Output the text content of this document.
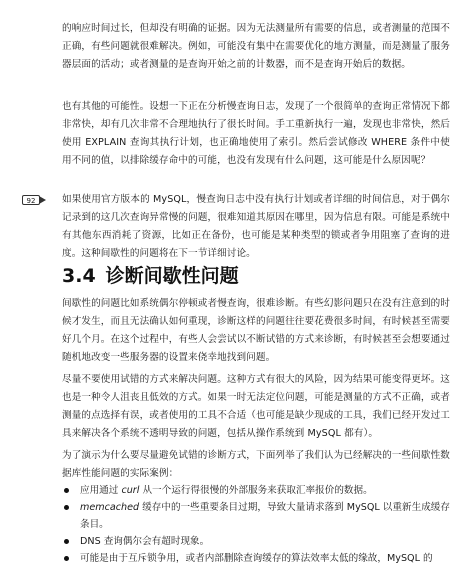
的响应时间过长，但却没有明确的证据。因为无法测量所有需要的信息，或者测量的范围不正确，有些问题就很难解决。例如，可能没有集中在需要优化的地方测量，而是测量了服务器层面的活动；或者测量的是查询开始之前的计数器，而不是查询开始后的数据。

也有其他的可能性。设想一下正在分析慢查询日志，发现了一个很简单的查询正常情况下都非常快，却有几次非常不合理地执行了很长时间。手工重新执行一遍，发现也非常快，然后使用 EXPLAIN 查询其执行计划，也正确地使用了索引。然后尝试修改 WHERE 条件中使用不同的值，以排除缓存命中的可能，也没有发现有什么问题，这可能是什么原因呢？

92	如果使用官方版本的 MySQL，慢查询日志中没有执行计划或者详细的时间信息，对于偶尔记录到的这几次查询异常慢的问题，很难知道其原因在哪里，因为信息有限。可能是系统中有其他东西消耗了资源，比如正在备份，也可能是某种类型的锁或者争用阻塞了查询的进度。这种间歇性的问题将在下一节详细讨论。

3.4 诊断间歇性问题

间歇性的问题比如系统偶尔停顿或者慢查询，很难诊断。有些幻影问题只在没有注意到的时候才发生，而且无法确认如何重现，诊断这样的问题往往要花费很多时间，有时候甚至需要好几个月。在这个过程中，有些人会尝试以不断试错的方式来诊断，有时候甚至会想要通过随机地改变一些服务器的设置来侥幸地找到问题。

尽量不要使用试错的方式来解决问题。这种方式有很大的风险，因为结果可能变得更坏。这也是一种令人沮丧且低效的方式。如果一时无法定位问题，可能是测量的方式不正确，或者测量的点选择有误，或者使用的工具不合适（也可能是缺少现成的工具，我们已经开发过工具来解决各个系统不透明导致的问题，包括从操作系统到 MySQL 都有）。

为了演示为什么要尽量避免试错的诊断方式，下面列举了我们认为已经解决的一些间歇性数据库性能问题的实际案例：

应用通过 curl 从一个运行得很慢的外部服务来获取汇率报价的数据。
memcached 缓存中的一些重要条目过期，导致大量请求落到 MySQL 以重新生成缓存条目。
DNS 查询偶尔会有超时现象。
可能是由于互斥锁争用，或者内部删除查询缓存的算法效率太低的缘故，MySQL 的
